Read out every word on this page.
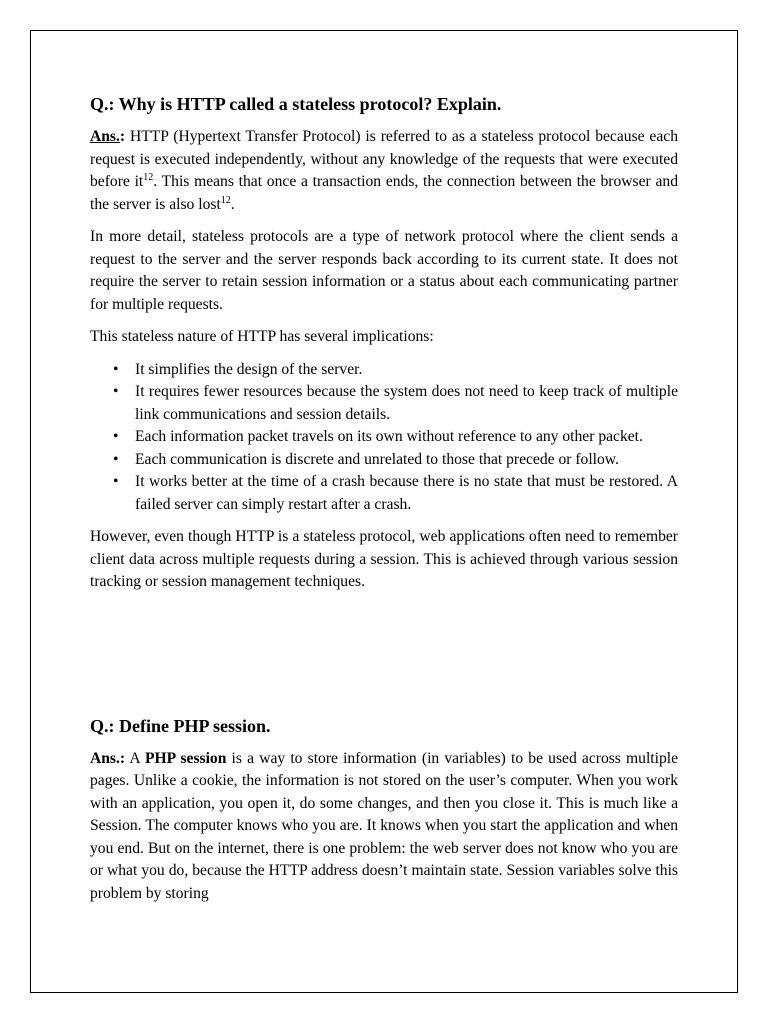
Q.: Why is HTTP called a stateless protocol? Explain.

Ans.: HTTP (Hypertext Transfer Protocol) is referred to as a stateless protocol because each request is executed independently, without any knowledge of the requests that were executed before $it^{12}$. This means that once a transaction ends, the connection between the browser and the server is also lost$^{12}$.

In more detail, stateless protocols are a type of network protocol where the client sends a request to the server and the server responds back according to its current state. It does not require the server to retain session information or a status about each communicating partner for multiple requests.

This stateless nature of HTTP has several implications:

• It simplifies the design of the server.
• It requires fewer resources because the system does not need to keep track of multiple link communications and session details.
• Each information packet travels on its own without reference to any other packet.
• Each communication is discrete and unrelated to those that precede or follow.
• It works better at the time of a crash because there is no state that must be restored. A failed server can simply restart after a crash.

However, even though HTTP is a stateless protocol, web applications often need to remember client data across multiple requests during a session. This is achieved through various session tracking or session management techniques.

Q.: Define PHP session.

Ans.: A PHP session is a way to store information (in variables) to be used across multiple pages. Unlike a cookie, the information is not stored on the user’s computer. When you work with an application, you open it, do some changes, and then you close it. This is much like a Session. The computer knows who you are. It knows when you start the application and when you end. But on the internet, there is one problem: the web server does not know who you are or what you do, because the HTTP address doesn’t maintain state. Session variables solve this problem by storing
